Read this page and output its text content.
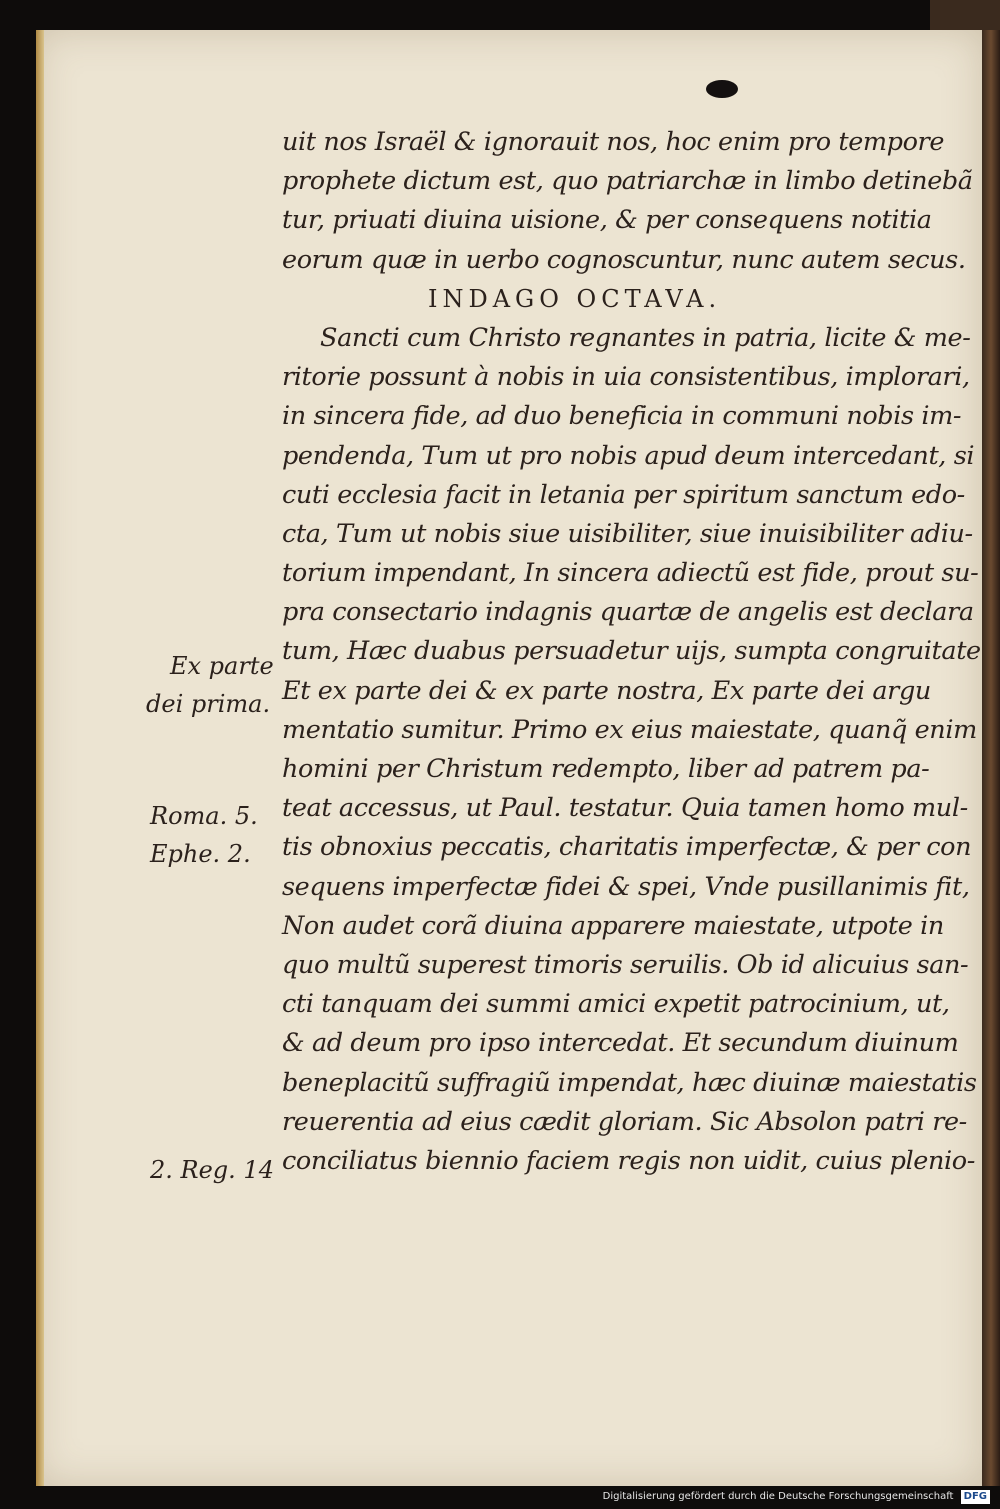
uit nos Israël & ignorauit nos, hoc enim pro tempore
prophete dictum est, quo patriarchæ in limbo detinebã
tur, priuati diuina uisione, & per consequens notitia
eorum quæ in uerbo cognoscuntur, nunc autem secus.
INDAGO OCTAVA.
Sancti cum Christo regnantes in patria, licite & me-
ritorie possunt à nobis in uia consistentibus, implorari,
in sincera fide, ad duo beneficia in communi nobis im-
pendenda, Tum ut pro nobis apud deum intercedant, si
cuti ecclesia facit in letania per spiritum sanctum edo-
cta, Tum ut nobis siue uisibiliter, siue inuisibiliter adiu-
torium impendant, In sincera adiectũ est fide, prout su-
pra consectario indagnis quartæ de angelis est declara
tum, Hæc duabus persuadetur uijs, sumpta congruitate
Et ex parte dei & ex parte nostra, Ex parte dei argu
mentatio sumitur. Primo ex eius maiestate, quanq̃ enim
homini per Christum redempto, liber ad patrem pa-
teat accessus, ut Paul. testatur. Quia tamen homo mul-
tis obnoxius peccatis, charitatis imperfectæ, & per con
sequens imperfectæ fidei & spei, Vnde pusillanimis fit,
Non audet corã diuina apparere maiestate, utpote in
quo multũ superest timoris seruilis. Ob id alicuius san-
cti tanquam dei summi amici expetit patrocinium, ut,
& ad deum pro ipso intercedat. Et secundum diuinum
beneplacitũ suffragiũ impendat, hæc diuinæ maiestatis
reuerentia ad eius cædit gloriam. Sic Absolon patri re-
conciliatus biennio faciem regis non uidit, cuius plenio-
Ex parte
dei prima.
Roma. 5.
Ephe. 2.
2. Reg. 14
Digitalisierung gefördert durch die Deutsche Forschungsgemeinschaft DFG
